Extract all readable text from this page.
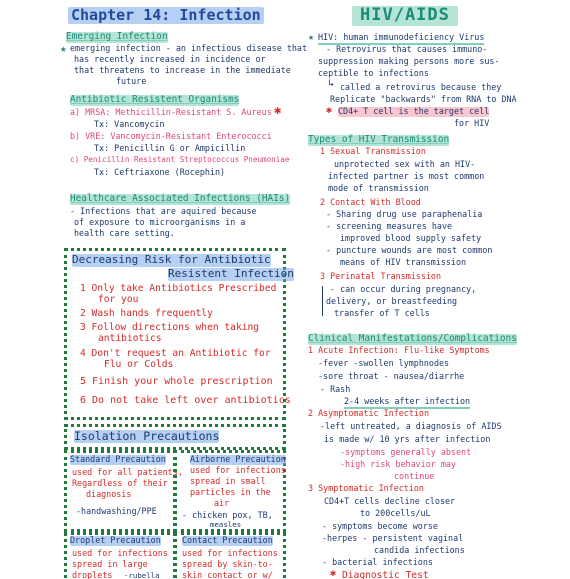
Chapter 14: Infection
Emerging Infection
★ emerging infection - an infectious disease that
has recently increased in incidence or
that threatens to increase in the immediate
future
Antibiotic Resistent Organisms
a) MRSA: Methicillin-Resistant S. Aureus ✱
Tx: Vancomycin
b) VRE: Vancomycin-Resistant Enterococci
Tx: Penicillin G or Ampicillin
c) Penicillin Resistant Streptococcus Pneumoniae
Tx: Ceftriaxone (Rocephin)
Healthcare Associated Infections (HAIs)
- Infections that are aquired because
of exposure to microorganisms in a
health care setting.
Decreasing Risk for Antibiotic
Resistent Infection
1 Only take Antibiotics Prescribed
for you
2 Wash hands frequently
3 Follow directions when taking
antibiotics
4 Don't request an Antibiotic for
Flu or Colds
5 Finish your whole prescription
6 Do not take left over antibiotics
Isolation Precautions
Standard Precaution
used for all patients,
Regardless of their
diagnosis
-handwashing/PPE
Airborne Precaution
used for infections
spread in small
particles in the
air
- chicken pox, TB,
measles
Droplet Precaution
used for infections
spread in large
droplets -rubella
Contact Precaution
used for infections
spread by skin-to-
skin contact or w/
HIV/AIDS
★ HIV: human immunodeficiency Virus
- Retrovirus that causes immuno-
suppression making persons more sus-
ceptible to infections
↳ called a retrovirus because they
Replicate "backwards" from RNA to DNA
✱ CD4+ T cell is the target cell
for HIV
Types of HIV Transmission
1 Sexual Transmission
unprotected sex with an HIV-
infected partner is most common
mode of transmission
2 Contact With Blood
- Sharing drug use paraphenalia
- screening measures have
improved blood supply safety
- puncture wounds are most common
means of HIV transmission
3 Perinatal Transmission
- can occur during pregnancy,
delivery, or breastfeeding
transfer of T cells
Clinical Manifestations/Complications
1 Acute Infection: Flu-like Symptoms
-fever -swollen lymphnodes
-sore throat - nausea/diarrhe
- Rash
2-4 weeks after infection
2 Asymptomatic Infection
-left untreated, a diagnosis of AIDS
is made w/ 10 yrs after infection
-symptoms generally absent
-high risk behavior may
continue
3 Symptomatic Infection
CD4+T cells decline closer
to 200cells/uL
- symptoms become worse
-herpes - persistent vaginal
candida infections
- bacterial infections
✱ Diagnostic Test
